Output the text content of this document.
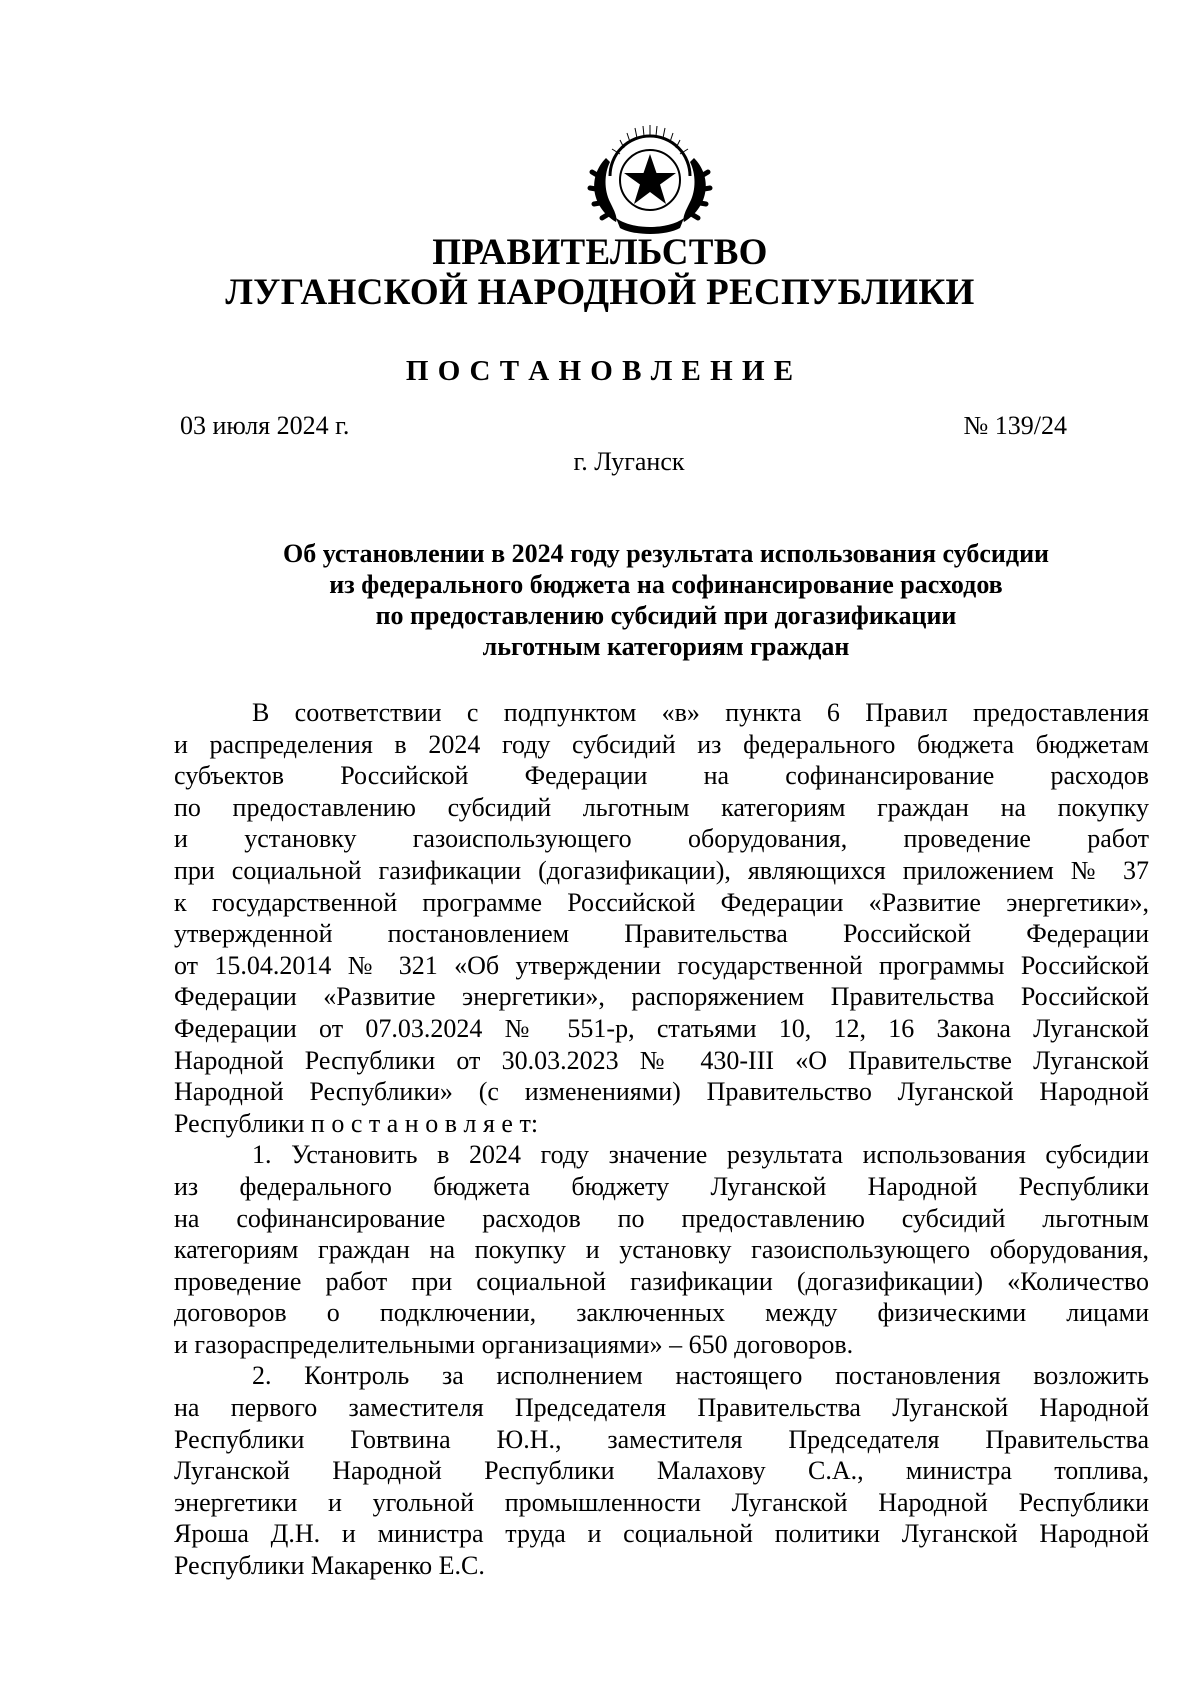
ПРАВИТЕЛЬСТВО
ЛУГАНСКОЙ НАРОДНОЙ РЕСПУБЛИКИ
П О С Т А Н О В Л Е Н И Е
03 июля 2024 г.	№ 139/24
г. Луганск
Об установлении в 2024 году результата использования субсидии
из федерального бюджета на софинансирование расходов
по предоставлению субсидий при догазификации
льготным категориям граждан
В соответствии с подпунктом «в» пункта 6 Правил предоставления
и распределения в 2024 году субсидий из федерального бюджета бюджетам
субъектов Российской Федерации на софинансирование расходов
по предоставлению субсидий льготным категориям граждан на покупку
и установку газоиспользующего оборудования, проведение работ
при социальной газификации (догазификации), являющихся приложением № 37
к государственной программе Российской Федерации «Развитие энергетики»,
утвержденной постановлением Правительства Российской Федерации
от 15.04.2014 № 321 «Об утверждении государственной программы Российской
Федерации «Развитие энергетики», распоряжением Правительства Российской
Федерации от 07.03.2024 № 551-р, статьями 10, 12, 16 Закона Луганской
Народной Республики от 30.03.2023 № 430-III «О Правительстве Луганской
Народной Республики» (с изменениями) Правительство Луганской Народной
Республики п о с т а н о в л я е т:
1. Установить в 2024 году значение результата использования субсидии
из федерального бюджета бюджету Луганской Народной Республики
на софинансирование расходов по предоставлению субсидий льготным
категориям граждан на покупку и установку газоиспользующего оборудования,
проведение работ при социальной газификации (догазификации) «Количество
договоров о подключении, заключенных между физическими лицами
и газораспределительными организациями» – 650 договоров.
2. Контроль за исполнением настоящего постановления возложить
на первого заместителя Председателя Правительства Луганской Народной
Республики Говтвина Ю.Н., заместителя Председателя Правительства
Луганской Народной Республики Малахову С.А., министра топлива,
энергетики и угольной промышленности Луганской Народной Республики
Яроша Д.Н. и министра труда и социальной политики Луганской Народной
Республики Макаренко Е.С.
